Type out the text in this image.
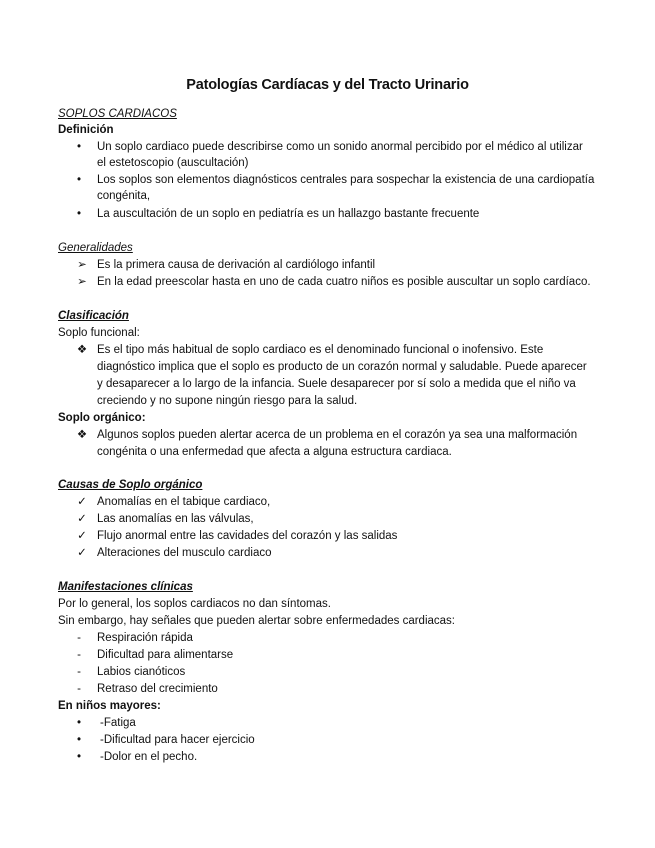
Patologías Cardíacas y del Tracto Urinario
SOPLOS CARDIACOS
Definición
•	Un soplo cardiaco puede describirse como un sonido anormal percibido por el médico al utilizar
el estetoscopio (auscultación)
•	Los soplos son elementos diagnósticos centrales para sospechar la existencia de una cardiopatía
congénita,
•	La auscultación de un soplo en pediatría es un hallazgo bastante frecuente
Generalidades
➢ Es la primera causa de derivación al cardiólogo infantil
➢ En la edad preescolar hasta en uno de cada cuatro niños es posible auscultar un soplo cardíaco.
Clasificación
Soplo funcional:
❖ Es el tipo más habitual de soplo cardiaco es el denominado funcional o inofensivo. Este
diagnóstico implica que el soplo es producto de un corazón normal y saludable. Puede aparecer
y desaparecer a lo largo de la infancia. Suele desaparecer por sí solo a medida que el niño va
creciendo y no supone ningún riesgo para la salud.
Soplo orgánico:
❖ Algunos soplos pueden alertar acerca de un problema en el corazón ya sea una malformación
congénita o una enfermedad que afecta a alguna estructura cardiaca.
Causas de Soplo orgánico
✓ Anomalías en el tabique cardiaco,
✓ Las anomalías en las válvulas,
✓ Flujo anormal entre las cavidades del corazón y las salidas
✓ Alteraciones del musculo cardiaco
Manifestaciones clínicas
Por lo general, los soplos cardiacos no dan síntomas.
Sin embargo, hay señales que pueden alertar sobre enfermedades cardiacas:
-	Respiración rápida
-	Dificultad para alimentarse
-	Labios cianóticos
-	Retraso del crecimiento
En niños mayores:
•	-Fatiga
•	-Dificultad para hacer ejercicio
•	-Dolor en el pecho.
